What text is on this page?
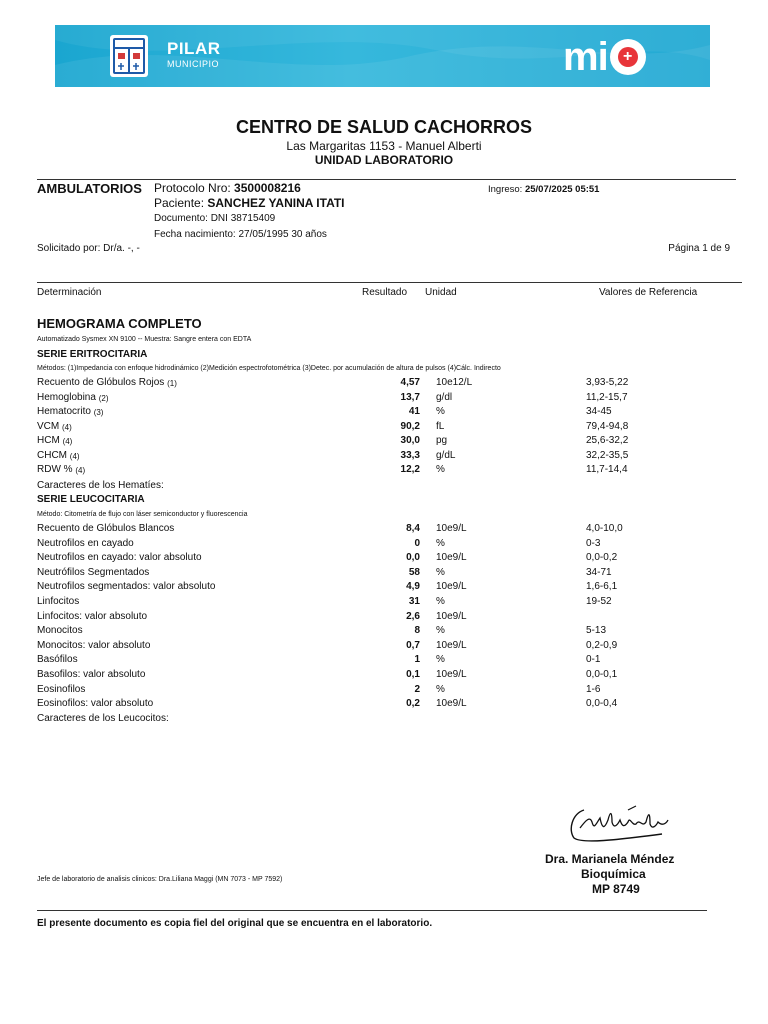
PILAR
MUNICIPIO	mi +
CENTRO DE SALUD CACHORROS
Las Margaritas 1153 - Manuel Alberti
UNIDAD LABORATORIO
AMBULATORIOS Protocolo Nro: 3500008216	Ingreso: 25/07/2025 05:51
Paciente: SANCHEZ YANINA ITATI
Documento: DNI 38715409
Fecha nacimiento: 27/05/1995 30 años
Solicitado por: Dr/a. -, -	Página 1 de 9
Determinación	Resultado Unidad	Valores de Referencia
HEMOGRAMA COMPLETO
Automatizado Sysmex XN 9100 -- Muestra: Sangre entera con EDTA
SERIE ERITROCITARIA
Métodos: (1)Impedancia con enfoque hidrodinámico (2)Medición espectrofotométrica (3)Detec. por acumulación de altura de pulsos (4)Cálc. Indirecto
Recuento de Glóbulos Rojos $_{(1)}$	4,57 10e12/L	3,93-5,22
Hemoglobina $_{(2)}$	13,7 g/dl	11,2-15,7
Hematocrito $_{(3)}$	41 %	34-45
VCM $_{(4)}$	90,2 fL	79,4-94,8
HCM $_{(4)}$	30,0 pg	25,6-32,2
CHCM $_{(4)}$	33,3 g/dL	32,2-35,5
RDW % $_{(4)}$	12,2 %	11,7-14,4
Caracteres de los Hematíes:
SERIE LEUCOCITARIA
Método: Citometría de flujo con láser semiconductor y fluorescencia
Recuento de Glóbulos Blancos	8,4 10e9/L	4,0-10,0
Neutrofilos en cayado	0 %	0-3
Neutrofilos en cayado: valor absoluto	0,0 10e9/L	0,0-0,2
Neutrófilos Segmentados	58 %	34-71
Neutrofilos segmentados: valor absoluto	4,9 10e9/L	1,6-6,1
Linfocitos	31 %	19-52
Linfocitos: valor absoluto	2,6 10e9/L
Monocitos	8 %	5-13
Monocitos: valor absoluto	0,7 10e9/L	0,2-0,9
Basófilos	1 %	0-1
Basofilos: valor absoluto	0,1 10e9/L	0,0-0,1
Eosinofilos	2 %	1-6
Eosinofilos: valor absoluto	0,2 10e9/L	0,0-0,4
Caracteres de los Leucocitos:
Dra. Marianela Méndez
Bioquímica
MP 8749
Jefe de laboratorio de analisis clinicos: Dra.Liliana Maggi (MN 7073 - MP 7592)
El presente documento es copia fiel del original que se encuentra en el laboratorio.
